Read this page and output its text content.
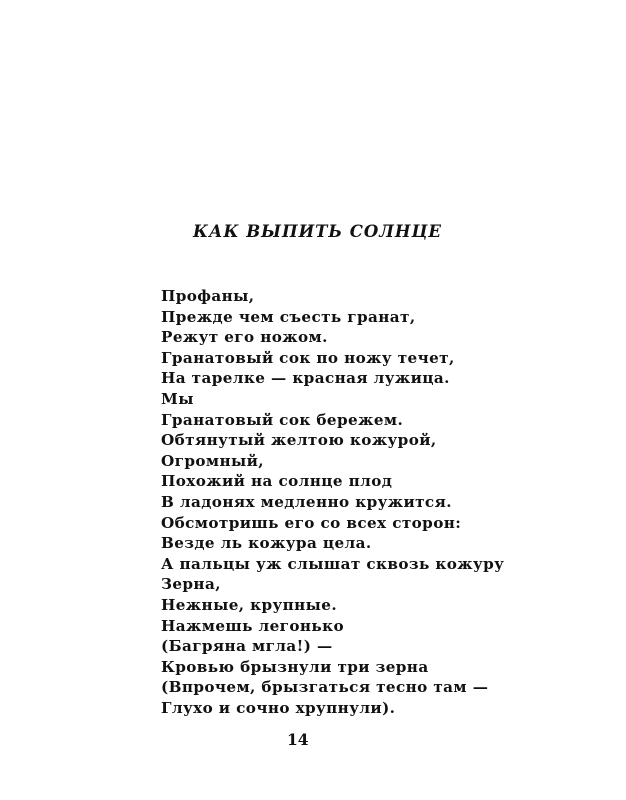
КАК ВЫПИТЬ СОЛНЦЕ
Профаны,
Прежде чем съесть гранат,
Режут его ножом.
Гранатовый сок по ножу течет,
На тарелке — красная лужица.
Мы
Гранатовый сок бережем.
Обтянутый желтою кожурой,
Огромный,
Похожий на солнце плод
В ладонях медленно кружится.
Обсмотришь его со всех сторон:
Везде ль кожура цела.
А пальцы уж слышат сквозь кожуру
Зерна,
Нежные, крупные.
Нажмешь легонько
(Багряна мгла!) —
Кровью брызнули три зерна
(Впрочем, брызгаться тесно там —
Глухо и сочно хрупнули).
14
